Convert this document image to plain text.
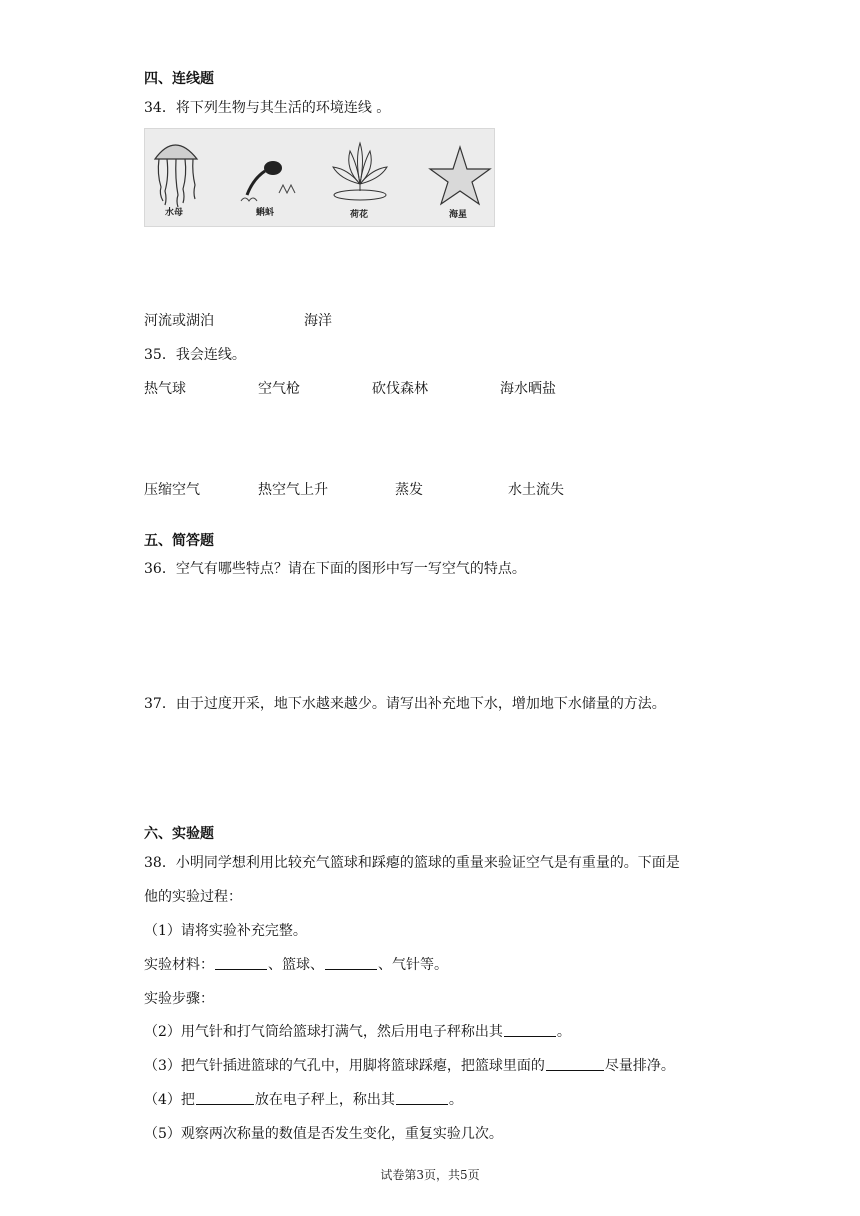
四、连线题
34．将下列生物与其生活的环境连线 。
水母	蝌蚪	荷花	海星
河流或湖泊	海洋
35．我会连线。
热气球	空气枪	砍伐森林	海水晒盐
压缩空气	热空气上升	蒸发	水土流失
五、简答题
36．空气有哪些特点？请在下面的图形中写一写空气的特点。
37．由于过度开采，地下水越来越少。请写出补充地下水，增加地下水储量的方法。
六、实验题
38．小明同学想利用比较充气篮球和踩瘪的篮球的重量来验证空气是有重量的。下面是
他的实验过程：
（1）请将实验补充完整。
实验材料：	、篮球、	、气针等。
实验步骤：
（2）用气针和打气筒给篮球打满气，然后用电子秤称出其	。
（3）把气针插进篮球的气孔中，用脚将篮球踩瘪，把篮球里面的	尽量排净。
（4）把	放在电子秤上，称出其	。
（5）观察两次称量的数值是否发生变化，重复实验几次。
试卷第3页，共5页
